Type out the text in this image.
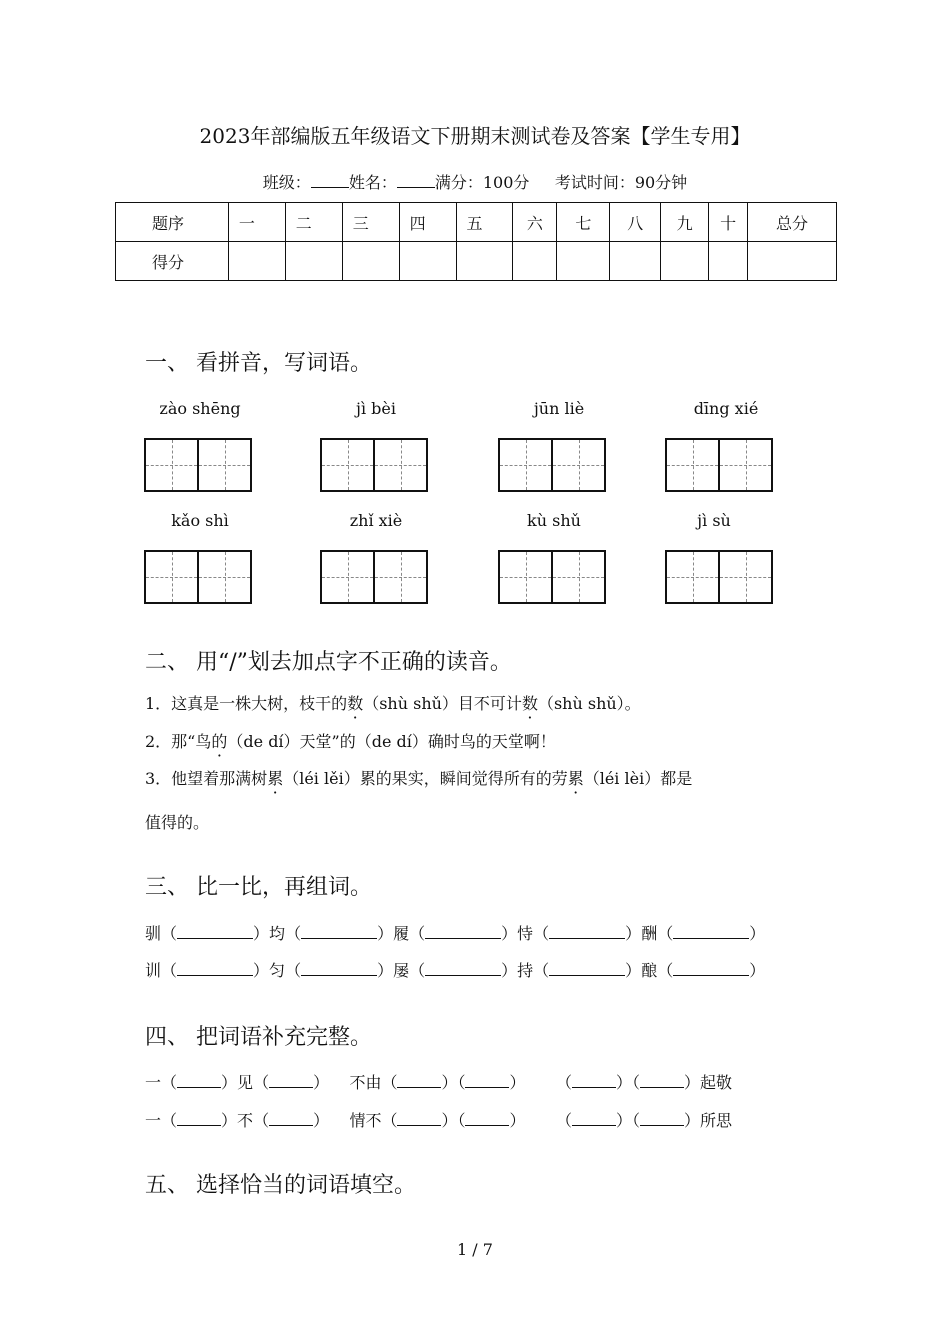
2023年部编版五年级语文下册期末测试卷及答案【学生专用】
班级： 姓名： 满分：100分 考试时间：90分钟
题序	一	二	三	四	五	六	七	八	九	十	总分
得分											
一、 看拼音，写词语。
zào shēng	jì bèi	jūn liè	dīng xié
kǎo shì	zhǐ xiè	kù shǔ	jì sù
二、 用“/”划去加点字不正确的读音。
1．这真是一株大树，枝干的数（shù shǔ）目不可计数（shù shǔ）。
2．那“鸟的（de dí）天堂”的（de dí）确时鸟的天堂啊！
3．他望着那满树累（léi lěi）累的果实，瞬间觉得所有的劳累（léi lèi）都是
值得的。
三、 比一比，再组词。
驯（	）均（	）履（	）恃（	）酬（	）
训（	）匀（	）屡（	）持（	）酿（	）
四、 把词语补充完整。
一（	）见（	）    不由（	）（	）      （	）（	）起敬
一（	）不（	）    情不（	）（	）      （	）（	）所思
五、 选择恰当的词语填空。
1 / 7
